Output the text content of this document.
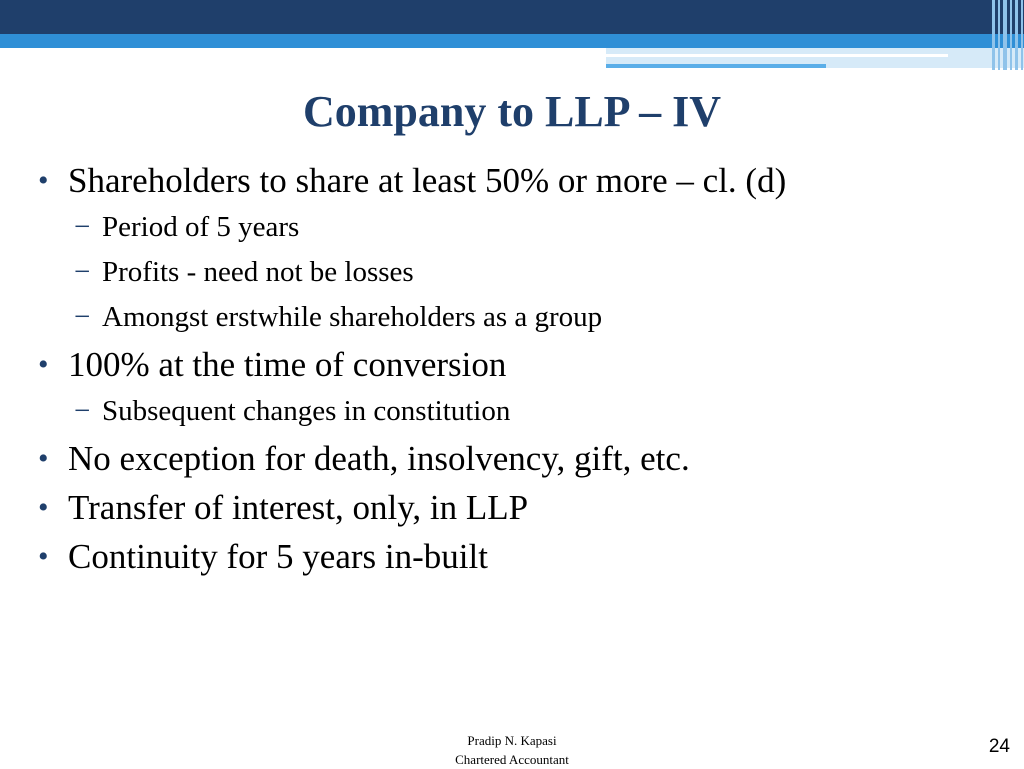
Company to LLP – IV
• Shareholders to share at least 50% or more – cl. (d)
− Period of 5 years
− Profits - need not be losses
− Amongst erstwhile shareholders as a group
• 100% at the time of conversion
− Subsequent changes in constitution
• No exception for death, insolvency, gift, etc.
• Transfer of interest, only, in LLP
• Continuity for 5 years in-built
Pradip N. Kapasi
Chartered Accountant
24
